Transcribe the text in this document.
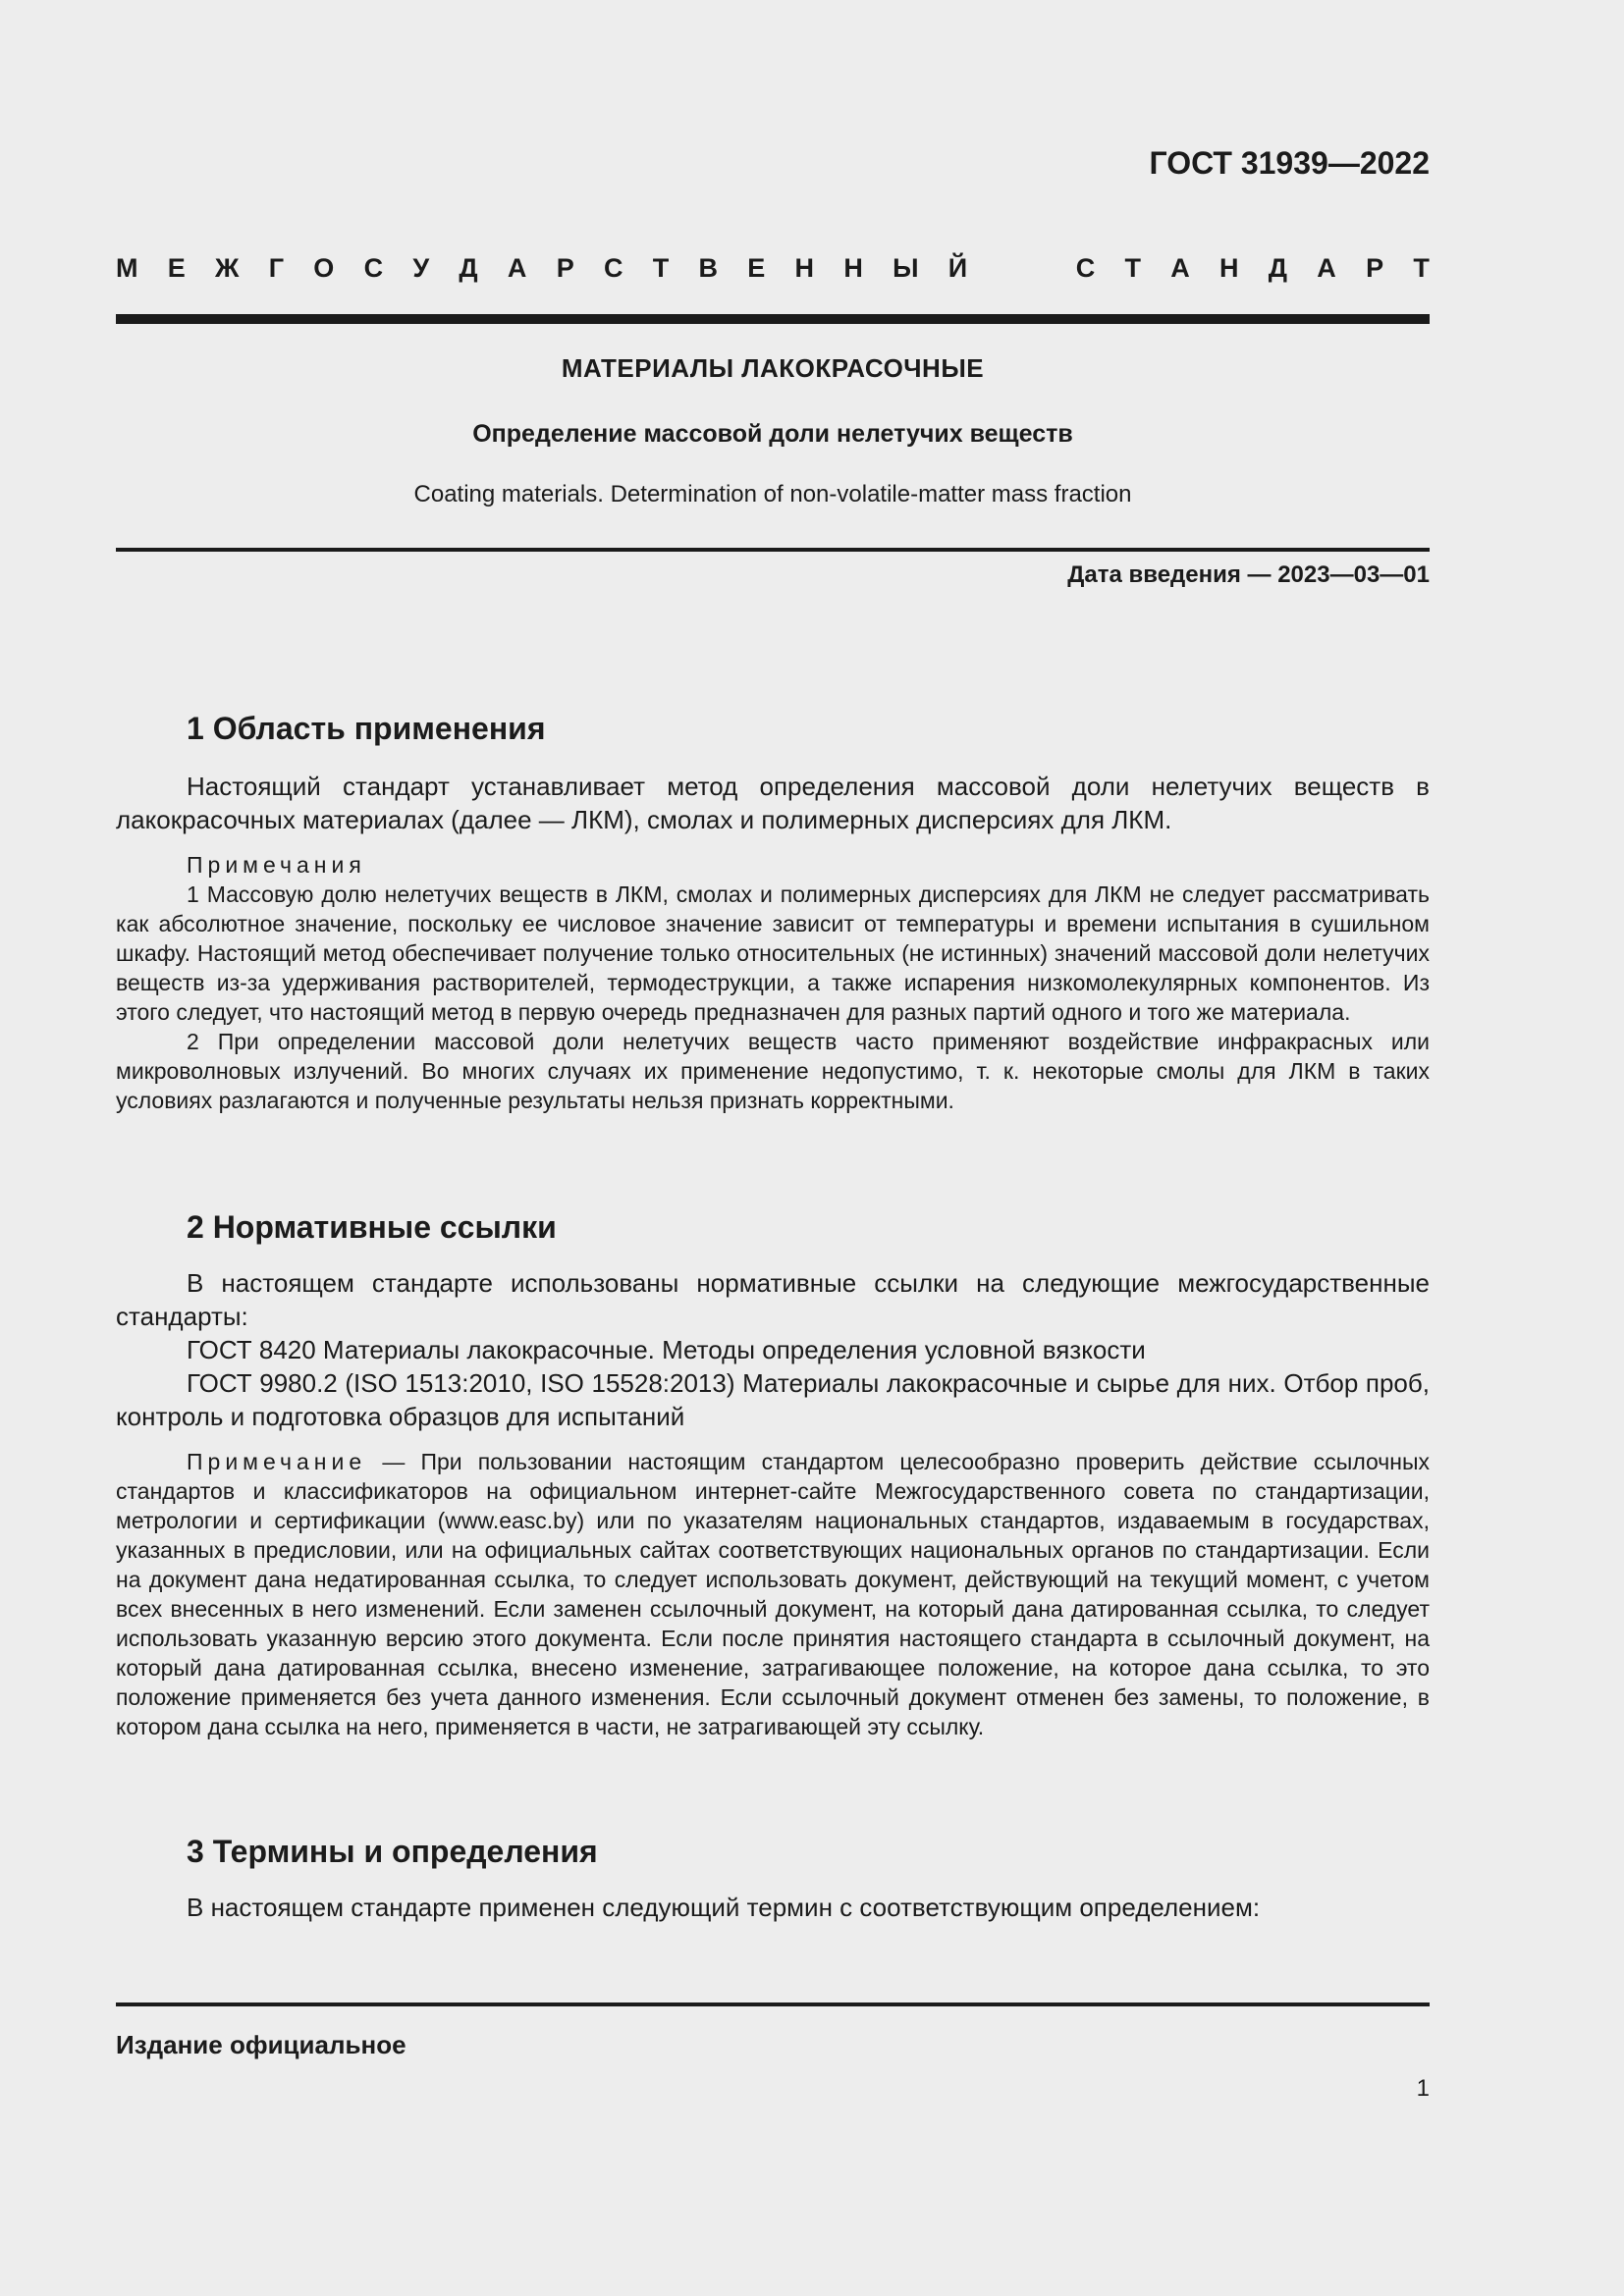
ГОСТ 31939—2022
М Е Ж Г О С У Д А Р С Т В Е Н Н Ы Й	С Т А Н Д А Р Т
МАТЕРИАЛЫ ЛАКОКРАСОЧНЫЕ
Определение массовой доли нелетучих веществ
Coating materials. Determination of non-volatile-matter mass fraction
Дата введения — 2023—03—01
1 Область применения
Настоящий стандарт устанавливает метод определения массовой доли нелетучих веществ в лакокрасочных материалах (далее — ЛКМ), смолах и полимерных дисперсиях для ЛКМ.

Примечания

1 Массовую долю нелетучих веществ в ЛКМ, смолах и полимерных дисперсиях для ЛКМ не следует рассматривать как абсолютное значение, поскольку ее числовое значение зависит от температуры и времени испытания в сушильном шкафу. Настоящий метод обеспечивает получение только относительных (не истинных) значений массовой доли нелетучих веществ из-за удерживания растворителей, термодеструкции, а также испарения низкомолекулярных компонентов. Из этого следует, что настоящий метод в первую очередь предназначен для разных партий одного и того же материала.

2 При определении массовой доли нелетучих веществ часто применяют воздействие инфракрасных или микроволновых излучений. Во многих случаях их применение недопустимо, т. к. некоторые смолы для ЛКМ в таких условиях разлагаются и полученные результаты нельзя признать корректными.

2 Нормативные ссылки

В настоящем стандарте использованы нормативные ссылки на следующие межгосударственные стандарты:

ГОСТ 8420 Материалы лакокрасочные. Методы определения условной вязкости

ГОСТ 9980.2 (ISO 1513:2010, ISO 15528:2013) Материалы лакокрасочные и сырье для них. Отбор проб, контроль и подготовка образцов для испытаний

Примечание — При пользовании настоящим стандартом целесообразно проверить действие ссылочных стандартов и классификаторов на официальном интернет-сайте Межгосударственного совета по стандартизации, метрологии и сертификации (www.easc.by) или по указателям национальных стандартов, издаваемым в государствах, указанных в предисловии, или на официальных сайтах соответствующих национальных органов по стандартизации. Если на документ дана недатированная ссылка, то следует использовать документ, действующий на текущий момент, с учетом всех внесенных в него изменений. Если заменен ссылочный документ, на который дана датированная ссылка, то следует использовать указанную версию этого документа. Если после принятия настоящего стандарта в ссылочный документ, на который дана датированная ссылка, внесено изменение, затрагивающее положение, на которое дана ссылка, то это положение применяется без учета данного изменения. Если ссылочный документ отменен без замены, то положение, в котором дана ссылка на него, применяется в части, не затрагивающей эту ссылку.

3 Термины и определения
В настоящем стандарте применен следующий термин с соответствующим определением:
Издание официальное
1
